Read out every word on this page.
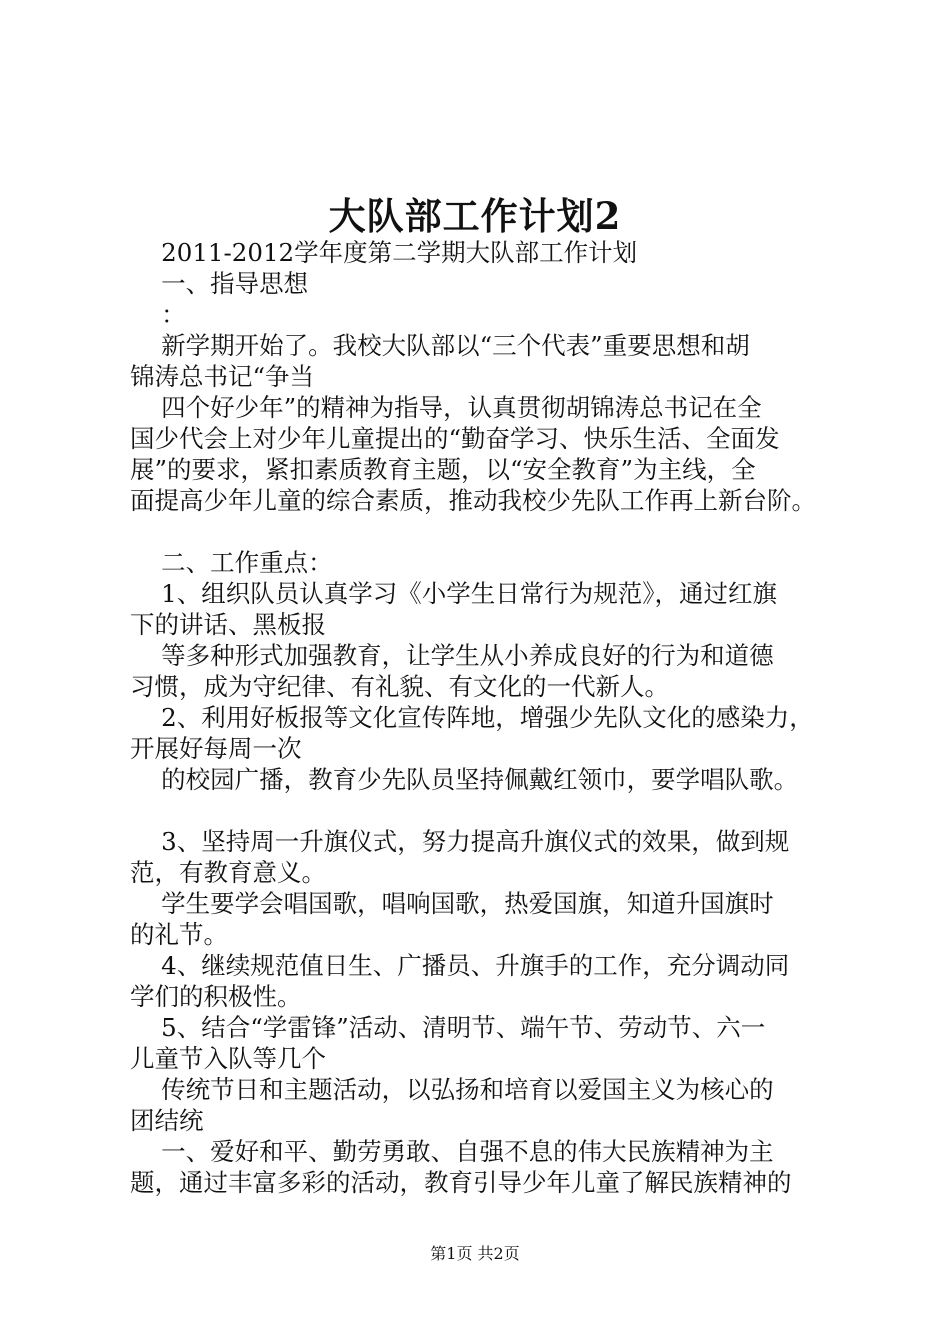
大队部工作计划2
2011-2012学年度第二学期大队部工作计划
一、指导思想
：
新学期开始了。我校大队部以“三个代表”重要思想和胡
锦涛总书记“争当
四个好少年”的精神为指导，认真贯彻胡锦涛总书记在全
国少代会上对少年儿童提出的“勤奋学习、快乐生活、全面发
展”的要求，紧扣素质教育主题，以“安全教育”为主线，全
面提高少年儿童的综合素质，推动我校少先队工作再上新台阶。
二、工作重点：
1、组织队员认真学习《小学生日常行为规范》，通过红旗
下的讲话、黑板报
等多种形式加强教育，让学生从小养成良好的行为和道德
习惯，成为守纪律、有礼貌、有文化的一代新人。
2、利用好板报等文化宣传阵地，增强少先队文化的感染力，
开展好每周一次
的校园广播，教育少先队员坚持佩戴红领巾，要学唱队歌。
3、坚持周一升旗仪式，努力提高升旗仪式的效果，做到规
范，有教育意义。
学生要学会唱国歌，唱响国歌，热爱国旗，知道升国旗时
的礼节。
4、继续规范值日生、广播员、升旗手的工作，充分调动同
学们的积极性。
5、结合“学雷锋”活动、清明节、端午节、劳动节、六一
儿童节入队等几个
传统节日和主题活动，以弘扬和培育以爱国主义为核心的
团结统
一、爱好和平、勤劳勇敢、自强不息的伟大民族精神为主
题，通过丰富多彩的活动，教育引导少年儿童了解民族精神的
第1页 共2页
